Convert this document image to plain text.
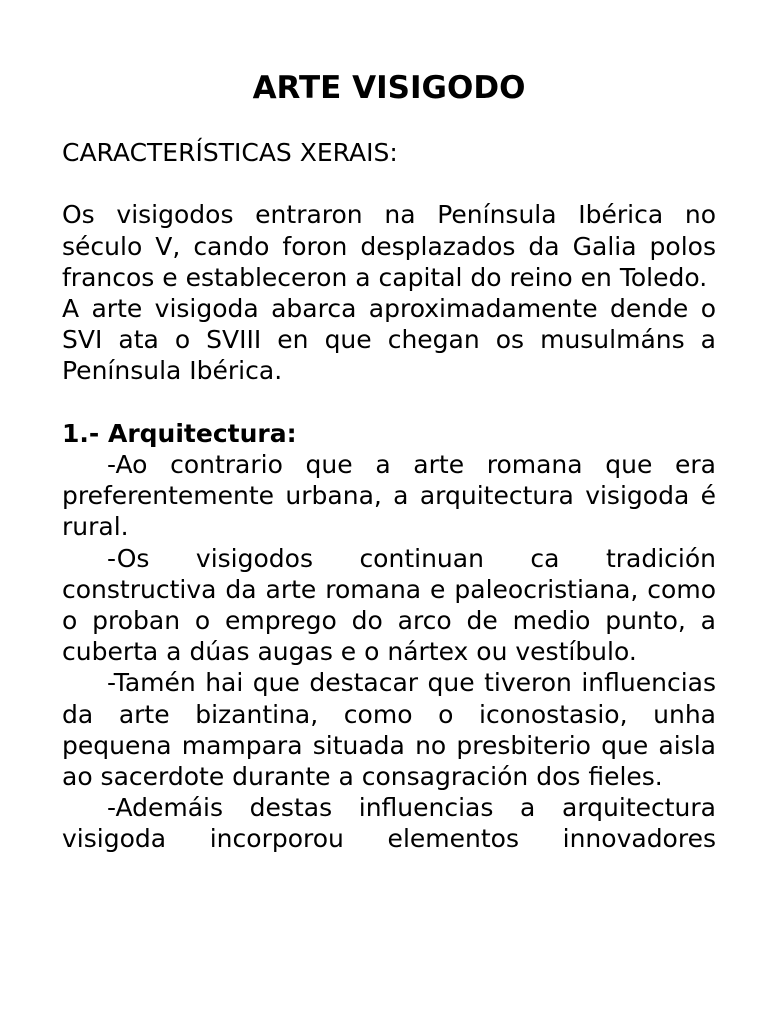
ARTE VISIGODO
CARACTERÍSTICAS XERAIS:

Os visigodos entraron na Península Ibérica no século V, cando foron desplazados da Galia polos francos e estableceron a capital do reino en Toledo.

A arte visigoda abarca aproximadamente dende o SVI ata o SVIII en que chegan os musulmáns a Península Ibérica.

1.- Arquitectura:

-Ao contrario que a arte romana que era preferentemente urbana, a arquitectura visigoda é rural.

-Os visigodos continuan ca tradición constructiva da arte romana e paleocristiana, como o proban o emprego do arco de medio punto, a cuberta a dúas augas e o nártex ou vestíbulo.

-Tamén hai que destacar que tiveron influencias da arte bizantina, como o iconostasio, unha pequena mampara situada no presbiterio que aisla ao sacerdote durante a consagración dos fieles.

-Ademáis destas influencias a arquitectura visigoda incorporou elementos innovadores
